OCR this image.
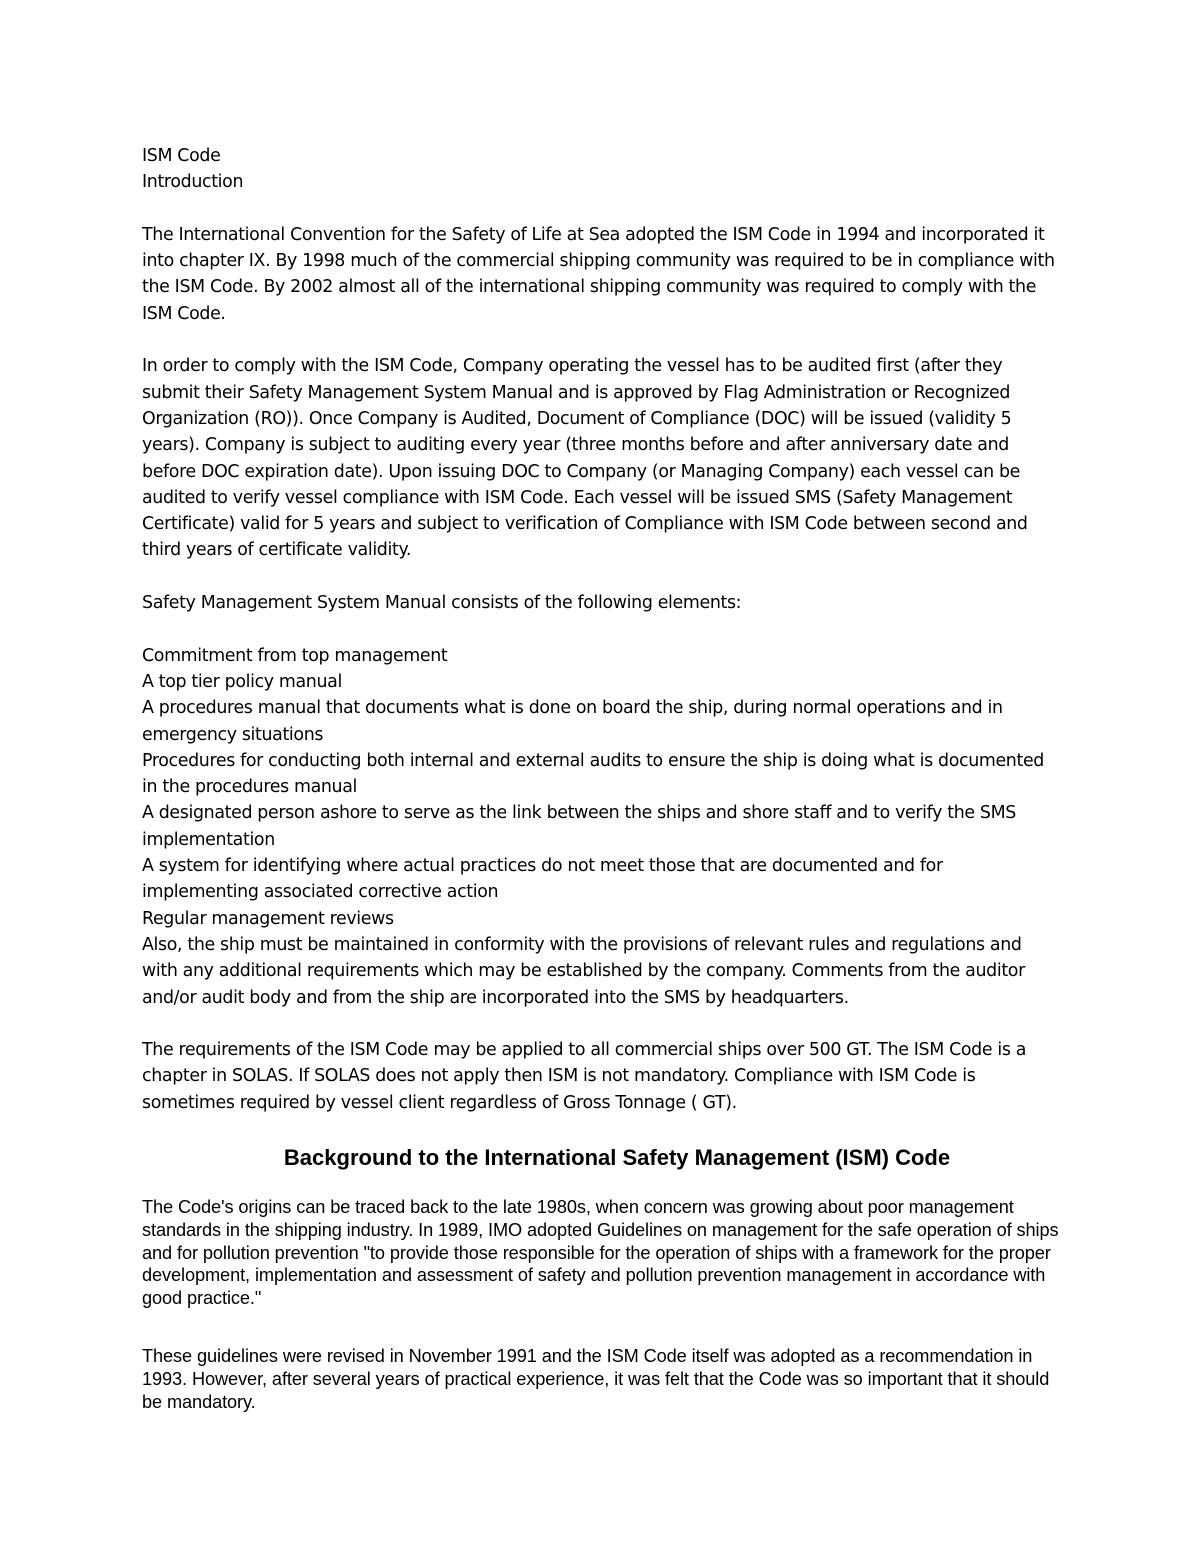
ISM Code

Introduction

The International Convention for the Safety of Life at Sea adopted the ISM Code in 1994 and incorporated it into chapter IX. By 1998 much of the commercial shipping community was required to be in compliance with the ISM Code. By 2002 almost all of the international shipping community was required to comply with the ISM Code.

In order to comply with the ISM Code, Company operating the vessel has to be audited first (after they submit their Safety Management System Manual and is approved by Flag Administration or Recognized Organization (RO)). Once Company is Audited, Document of Compliance (DOC) will be issued (validity 5 years). Company is subject to auditing every year (three months before and after anniversary date and before DOC expiration date). Upon issuing DOC to Company (or Managing Company) each vessel can be audited to verify vessel compliance with ISM Code. Each vessel will be issued SMS (Safety Management Certificate) valid for 5 years and subject to verification of Compliance with ISM Code between second and third years of certificate validity.

Safety Management System Manual consists of the following elements:

Commitment from top management

A top tier policy manual

A procedures manual that documents what is done on board the ship, during normal operations and in emergency situations

Procedures for conducting both internal and external audits to ensure the ship is doing what is documented in the procedures manual

A designated person ashore to serve as the link between the ships and shore staff and to verify the SMS implementation

A system for identifying where actual practices do not meet those that are documented and for implementing associated corrective action

Regular management reviews

Also, the ship must be maintained in conformity with the provisions of relevant rules and regulations and with any additional requirements which may be established by the company. Comments from the auditor and/or audit body and from the ship are incorporated into the SMS by headquarters.

The requirements of the ISM Code may be applied to all commercial ships over 500 GT. The ISM Code is a chapter in SOLAS. If SOLAS does not apply then ISM is not mandatory. Compliance with ISM Code is sometimes required by vessel client regardless of Gross Tonnage ( GT).

Background to the International Safety Management (ISM) Code

The Code's origins can be traced back to the late 1980s, when concern was growing about poor management standards in the shipping industry. In 1989, IMO adopted Guidelines on management for the safe operation of ships and for pollution prevention "to provide those responsible for the operation of ships with a framework for the proper development, implementation and assessment of safety and pollution prevention management in accordance with good practice."

These guidelines were revised in November 1991 and the ISM Code itself was adopted as a recommendation in 1993. However, after several years of practical experience, it was felt that the Code was so important that it should be mandatory.
